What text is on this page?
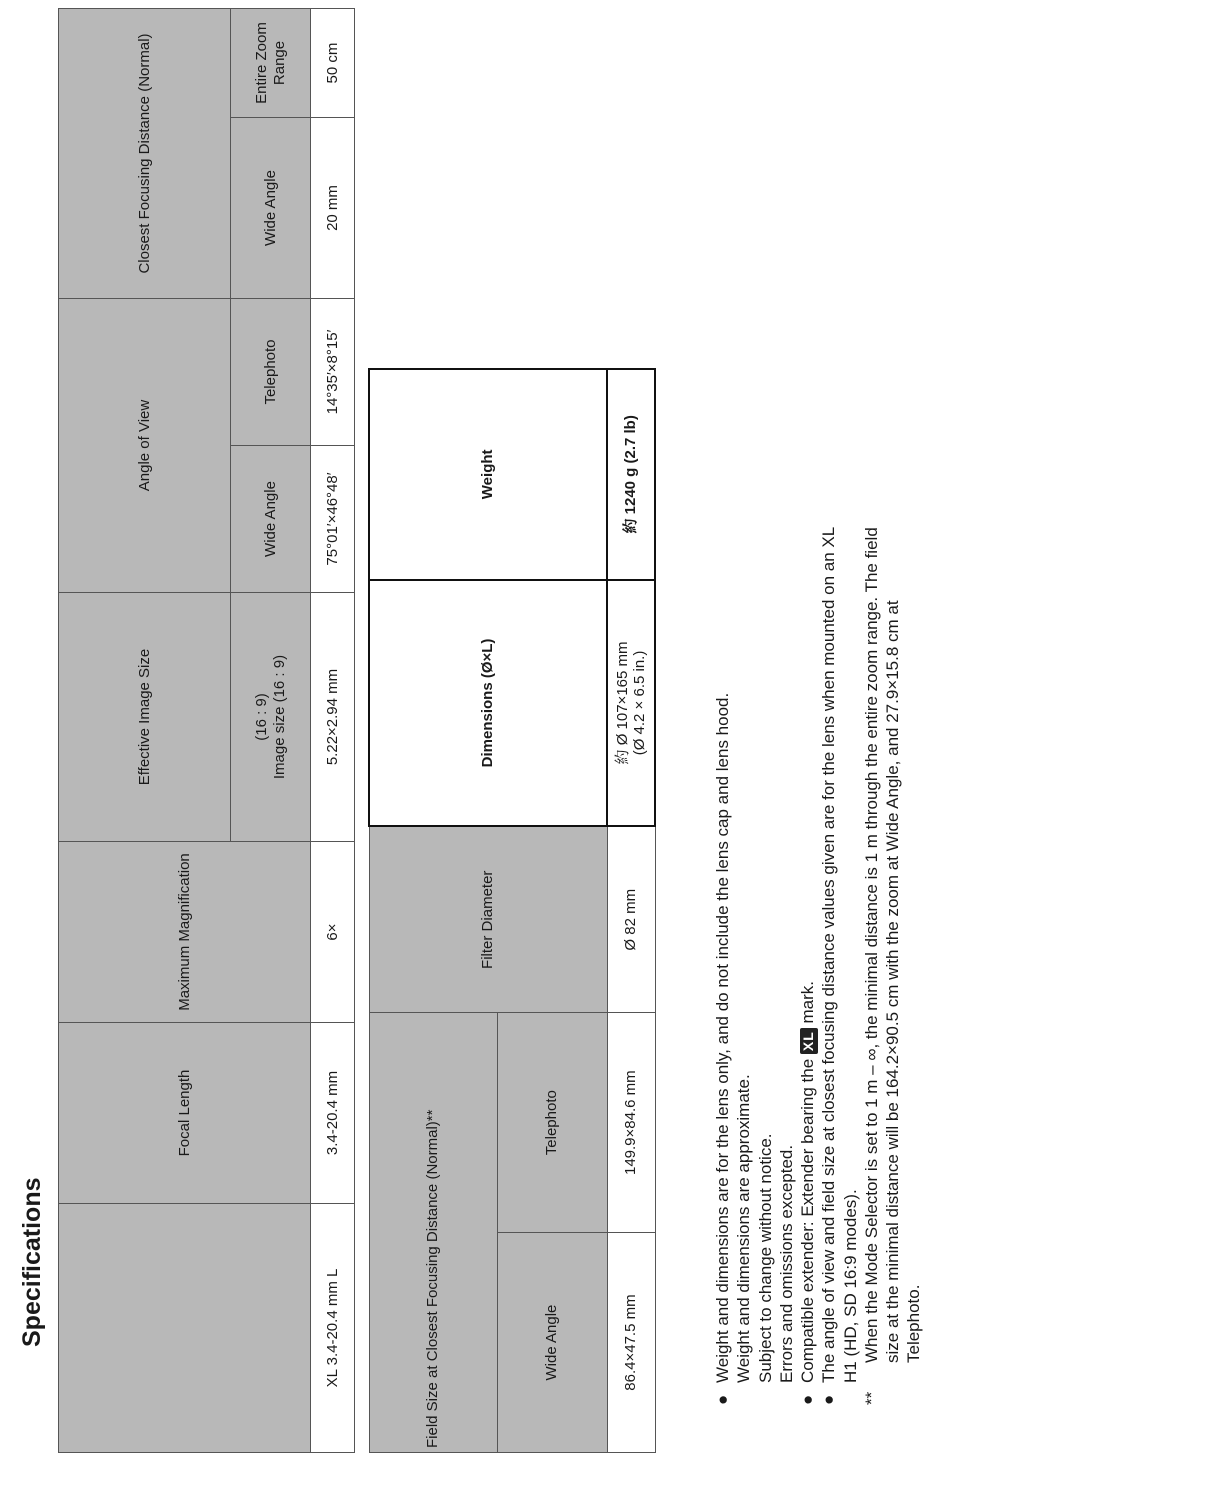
Specifications
	Focal Length	Maximum Magnification	Effective Image Size	Angle of View		Closest Focusing Distance (Normal)	

			(16 : 9) Image size (16 : 9)	Wide Angle	Telephoto	Wide Angle	Entire Zoom Range
XL 3.4-20.4 mm L	3.4-20.4 mm	6×	5.22×2.94 mm	75°01′×46°48′	14°35′×8°15′	20 mm	50 cm
Field Size at Closest Focusing Distance (Normal)**		Filter Diameter	Dimensions (Ø×L)	Weight
Wide Angle	Telephoto			
86.4×47.5 mm	149.9×84.6 mm	Ø 82 mm	約 Ø 107×165 mm (Ø 4.2 × 6.5 in.)	約 1240 g (2.7 lb)
●
Weight and dimensions are for the lens only, and do not include the lens cap and lens hood. Weight and dimensions are approximate. Subject to change without notice. Errors and omissions excepted.
●
Compatible extender: Extender bearing the XL mark.
●
The angle of view and field size at closest focusing distance values given are for the lens when mounted on an XL H1 (HD, SD 16:9 modes).
**
When the Mode Selector is set to 1 m – ∞, the minimal distance is 1 m through the entire zoom range. The field size at the minimal distance will be 164.2×90.5 cm with the zoom at Wide Angle, and 27.9×15.8 cm at Telephoto.
